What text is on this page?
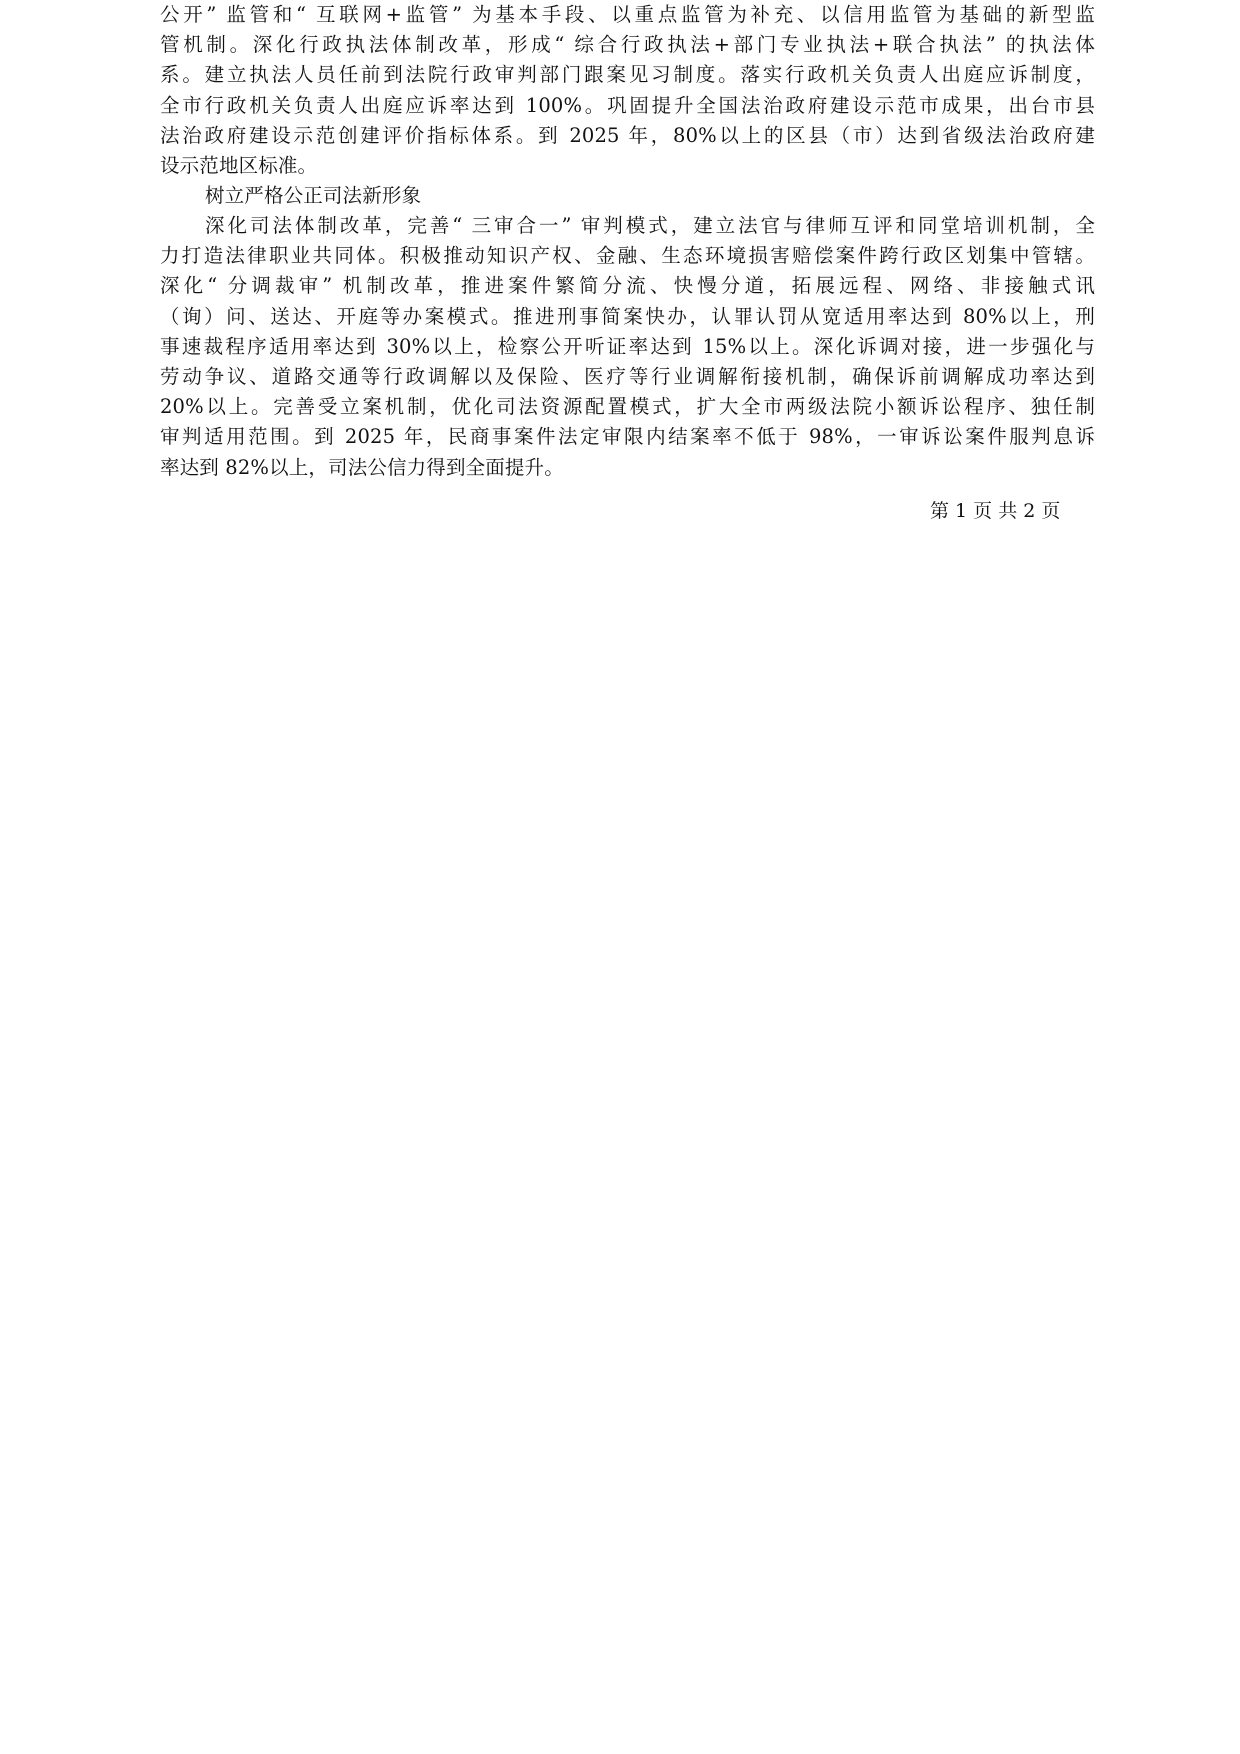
公开” 监管和“ 互联网+监管” 为基本手段、以重点监管为补充、以信用监管为基础的新型监
管机制。深化行政执法体制改革，形成“ 综合行政执法+部门专业执法+联合执法” 的执法体
系。建立执法人员任前到法院行政审判部门跟案见习制度。落实行政机关负责人出庭应诉制度，
全市行政机关负责人出庭应诉率达到 100%。巩固提升全国法治政府建设示范市成果，出台市县
法治政府建设示范创建评价指标体系。到 2025 年，80%以上的区县（市）达到省级法治政府建
设示范地区标准。
树立严格公正司法新形象
深化司法体制改革，完善“ 三审合一” 审判模式，建立法官与律师互评和同堂培训机制，全
力打造法律职业共同体。积极推动知识产权、金融、生态环境损害赔偿案件跨行政区划集中管辖。
深化“ 分调裁审” 机制改革，推进案件繁简分流、快慢分道，拓展远程、网络、非接触式讯
（询）问、送达、开庭等办案模式。推进刑事简案快办，认罪认罚从宽适用率达到 80%以上，刑
事速裁程序适用率达到 30%以上，检察公开听证率达到 15%以上。深化诉调对接，进一步强化与
劳动争议、道路交通等行政调解以及保险、医疗等行业调解衔接机制，确保诉前调解成功率达到
20%以上。完善受立案机制，优化司法资源配置模式，扩大全市两级法院小额诉讼程序、独任制
审判适用范围。到 2025 年，民商事案件法定审限内结案率不低于 98%，一审诉讼案件服判息诉
率达到 82%以上，司法公信力得到全面提升。
第 1 页 共 2 页
